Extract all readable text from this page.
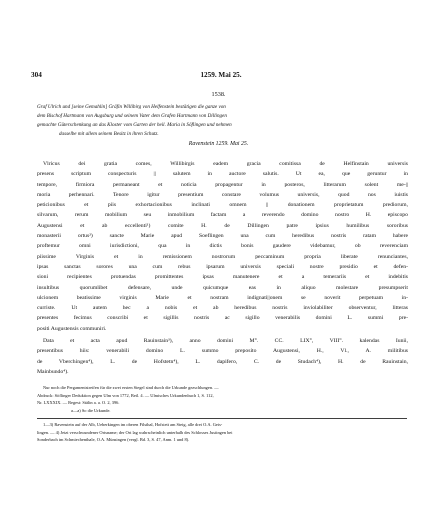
304	1259. Mai 25.
1538.
Graf Ulrich und [seine Gemahlin] Gräfin Willibirg von Helfenstein bestätigen die ganze von
dem Bischof Hartmann von Augsburg und seinem Vater dem Grafen Hartmann von Dillingen
gemachte Güterschenkung an das Kloster vom Garten der heil. Maria in Söflingen und nehmen
dasselbe mit allem seinem Besitz in ihren Schutz.
Ravenstein 1259. Mai 25.
Vlricus dei gratia comes, Willibirgis eadem gracia comitissa de Helfinstain universis
presens scriptum conspecturis || salutem in auctore salutis. Ut ea, que geruntur in
tempore, firmiora permaneant et noticia propagentur in posteros, litterarum solent me-||
moria perhennari. Tenore igitur presentium constare volumus universis, quod nos iuistis
peticionibus et piis exhortacionibus inclinati omnem || donationem proprietatum prediorum,
silvarum, rerum mobilium seu inmobilium factam a reverendo domino nostro H. episcopo
Augustensi et ab eccellenti¹) comite H. de Dillingen patre ipsius humilibus sororibus
monasterii ortus²) sancte Marie apud Soeflingen una cum heredibus nostris ratam habere
proftemur omni iurisdictioni, qua in dictis bonis gaudere videbamur, ob reverenciam
piissime Virginis et in remissionem nostrorum peccaminum propria liberate renunciantes,
ipsas sanctas sorores una cum rebus ipsarum universis speciali nostre presidio et defen-
sioni recipientes protuendas promittentes ipsas manutenere et a temerariis et indebitis
insultibus quorumlibet defensare, unde quicumque eas in aliquo molestare presumpserit
ulcionem beatissime virginis Marie et nostram indignati||onem se noverit perpetuam in-
curriste. Ut autem hec a nobis et ab heredibus nostris inviolabiliter observentur, litteras
presentes fecimus conscribi et sigillis nostris ac sigillo venerabilis domini L. summi pre-
positi Augustensis communiri.
Data et acta apud Rauinstain³), anno domini M°. CC. LIX°, VIII°. kalendas Iunii,
presentibus hiis: venerabili domino L. summo preposito Augustensi, H., Vl., A. militibus
de Vberchingen⁴), L. de Hofstetn⁴), L. dapifero, C. de Studach⁴), H. de Rauinstain,
Mainbundo⁴).
Nur noch die Pergamentstreifen für die zwei ersten Siegel sind durch die Urkunde gezschlungen. —
Abdruck: Söflinger Deduktion gegen Ulm von 1772, Beil. 4. — Ulmisches Urkundenbuch 1, S. 112,
Nr. LXXXIX. — Regest: Stälin a. a. O. 2, 396.
a—a) So die Urkunde.
1—3) Ravenstein auf der Alb, Ueberkingen im oberen Filsthal, Hofstett am Steig, alle drei O.A. Geis-
lingen. — 4) Jetzt verschwundener Ortsname; der Ort lag wahrscheinlich unterhalb des Schlosses Justingen bei
Sonderbach im Schmiechenthale, O.A. Münsingen (vergl. Bd. 3, S. 47, Anm. 1 und 8).
